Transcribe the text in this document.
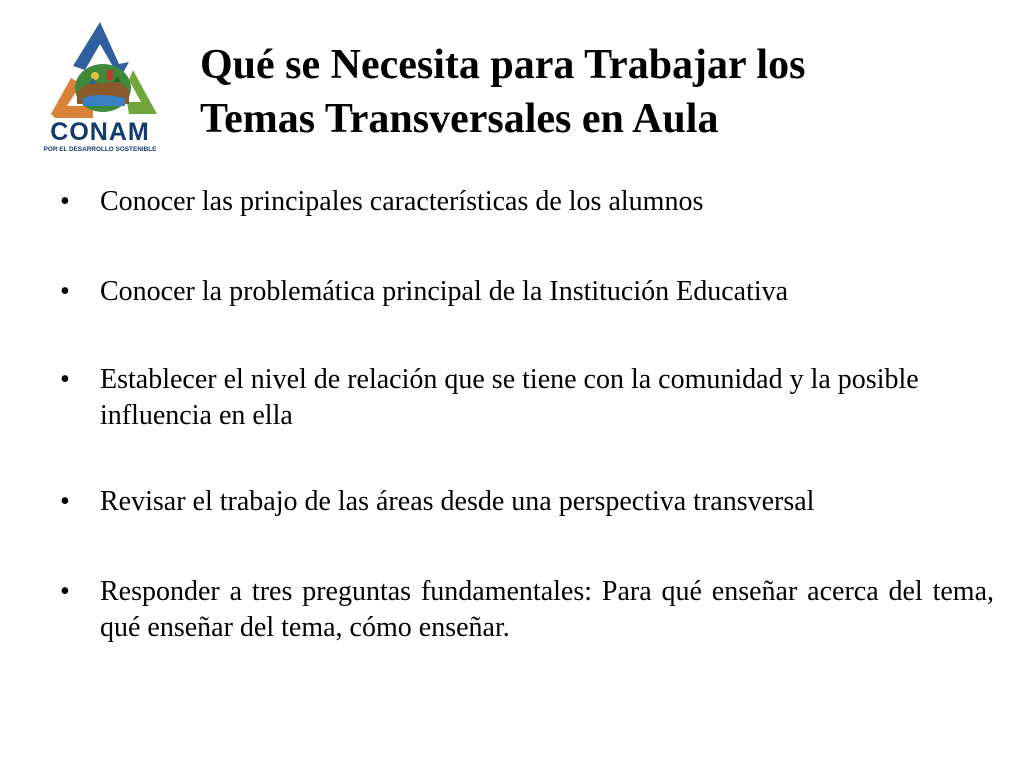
CONAM
POR EL DESARROLLO SOSTENIBLE
Qué se Necesita para Trabajar los
Temas Transversales en Aula
• Conocer las principales características de los alumnos
• Conocer la problemática principal de la Institución Educativa
• Establecer el nivel de relación que se tiene con la comunidad y la posible influencia en ella
• Revisar el trabajo de las áreas desde una perspectiva transversal
• Responder a tres preguntas fundamentales: Para qué enseñar acerca del tema, qué enseñar del tema, cómo enseñar.
